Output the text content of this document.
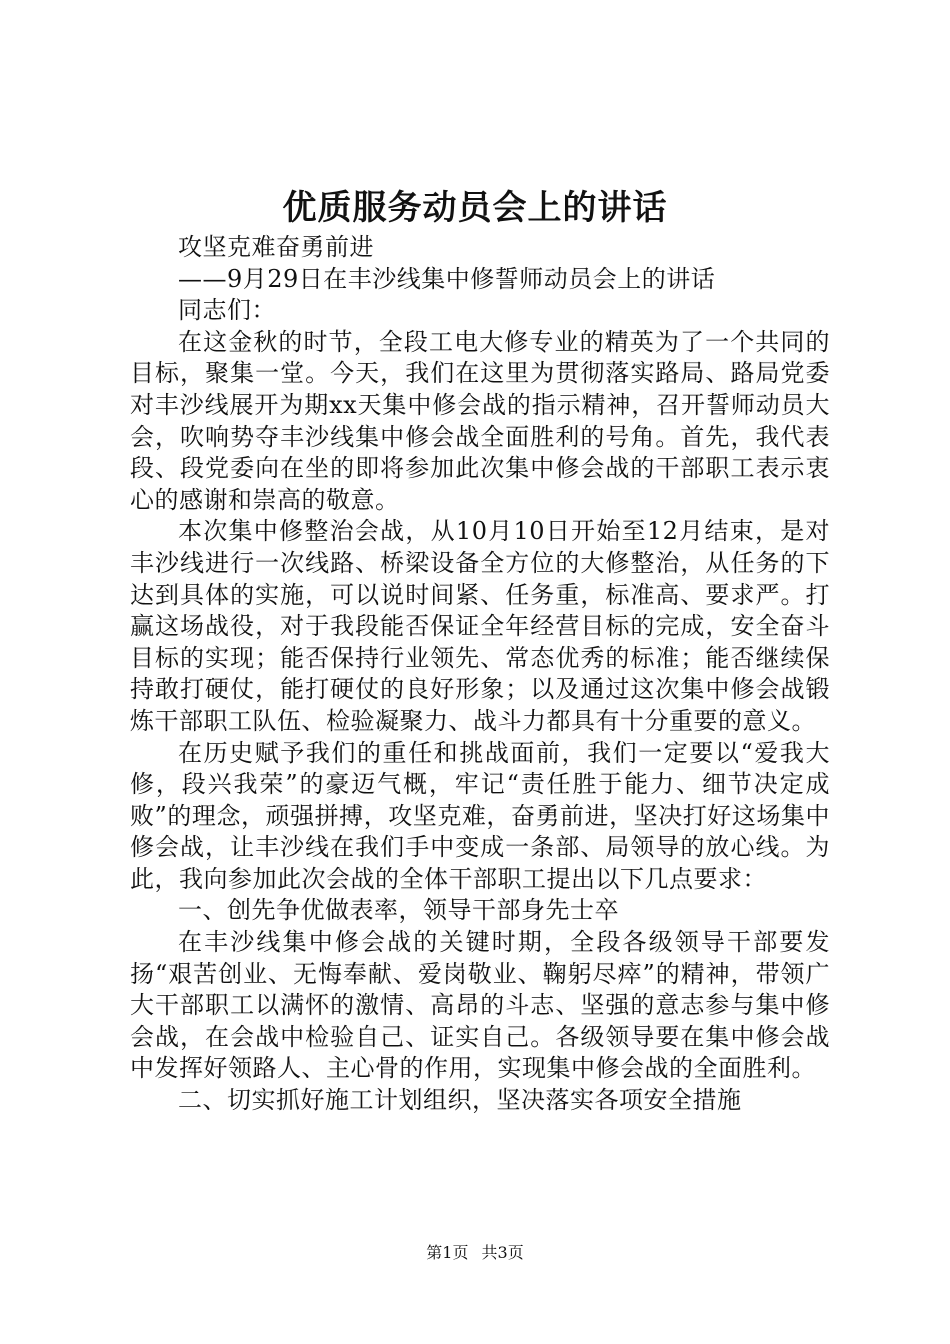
优质服务动员会上的讲话

攻坚克难奋勇前进

——9月29日在丰沙线集中修誓师动员会上的讲话

同志们：

在这金秋的时节，全段工电大修专业的精英为了一个共同的目标，聚集一堂。今天，我们在这里为贯彻落实路局、路局党委对丰沙线展开为期xx天集中修会战的指示精神，召开誓师动员大会，吹响势夺丰沙线集中修会战全面胜利的号角。首先，我代表段、段党委向在坐的即将参加此次集中修会战的干部职工表示衷心的感谢和崇高的敬意。

本次集中修整治会战，从10月10日开始至12月结束，是对丰沙线进行一次线路、桥梁设备全方位的大修整治，从任务的下达到具体的实施，可以说时间紧、任务重，标准高、要求严。打赢这场战役，对于我段能否保证全年经营目标的完成，安全奋斗目标的实现；能否保持行业领先、常态优秀的标准；能否继续保持敢打硬仗，能打硬仗的良好形象；以及通过这次集中修会战锻炼干部职工队伍、检验凝聚力、战斗力都具有十分重要的意义。

在历史赋予我们的重任和挑战面前，我们一定要以“爱我大修，段兴我荣”的豪迈气概，牢记“责任胜于能力、细节决定成败”的理念，顽强拼搏，攻坚克难，奋勇前进，坚决打好这场集中修会战，让丰沙线在我们手中变成一条部、局领导的放心线。为此，我向参加此次会战的全体干部职工提出以下几点要求：

一、创先争优做表率，领导干部身先士卒

在丰沙线集中修会战的关键时期，全段各级领导干部要发扬“艰苦创业、无悔奉献、爱岗敬业、鞠躬尽瘁”的精神，带领广大干部职工以满怀的激情、高昂的斗志、坚强的意志参与集中修会战，在会战中检验自己、证实自己。各级领导要在集中修会战中发挥好领路人、主心骨的作用，实现集中修会战的全面胜利。

二、切实抓好施工计划组织，坚决落实各项安全措施

第1页 共3页
